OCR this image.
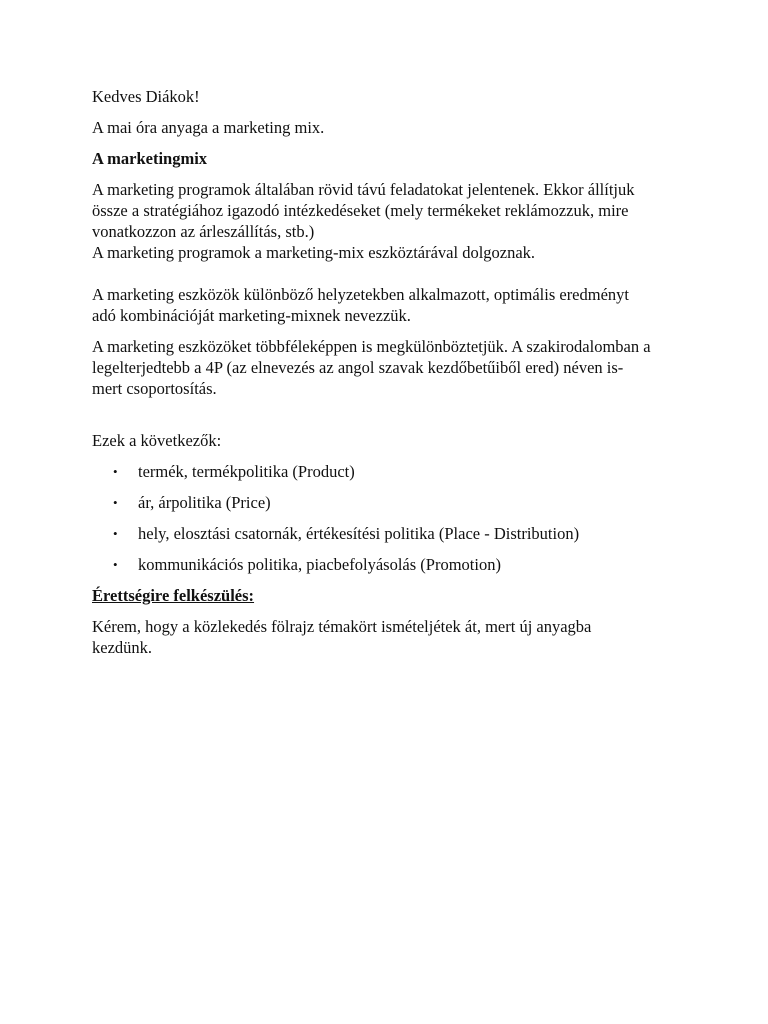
Kedves Diákok!

A mai óra anyaga a marketing mix.

A marketingmix

A marketing programok általában rövid távú feladatokat jelentenek. Ekkor állítjuk össze a stratégiához igazodó intézkedéseket (mely termékeket reklámozzuk, mire vonatkozzon az árleszállítás, stb.)

A marketing programok a marketing-mix eszköztárával dolgoznak.

A marketing eszközök különböző helyzetekben alkalmazott, optimális eredményt adó kombinációját marketing-mixnek nevezzük.

A marketing eszközöket többféleképpen is megkülönböztetjük. A szakirodalomban a legelterjedtebb a 4P (az elnevezés az angol szavak kezdőbetűiből ered) néven is-mert csoportosítás.

Ezek a következők:

• termék, termékpolitika (Product)
• ár, árpolitika (Price)
• hely, elosztási csatornák, értékesítési politika (Place - Distribution)
• kommunikációs politika, piacbefolyásolás (Promotion)

Érettségire felkészülés:

Kérem, hogy a közlekedés fölrajz témakört ismételjétek át, mert új anyagba kezdünk.
